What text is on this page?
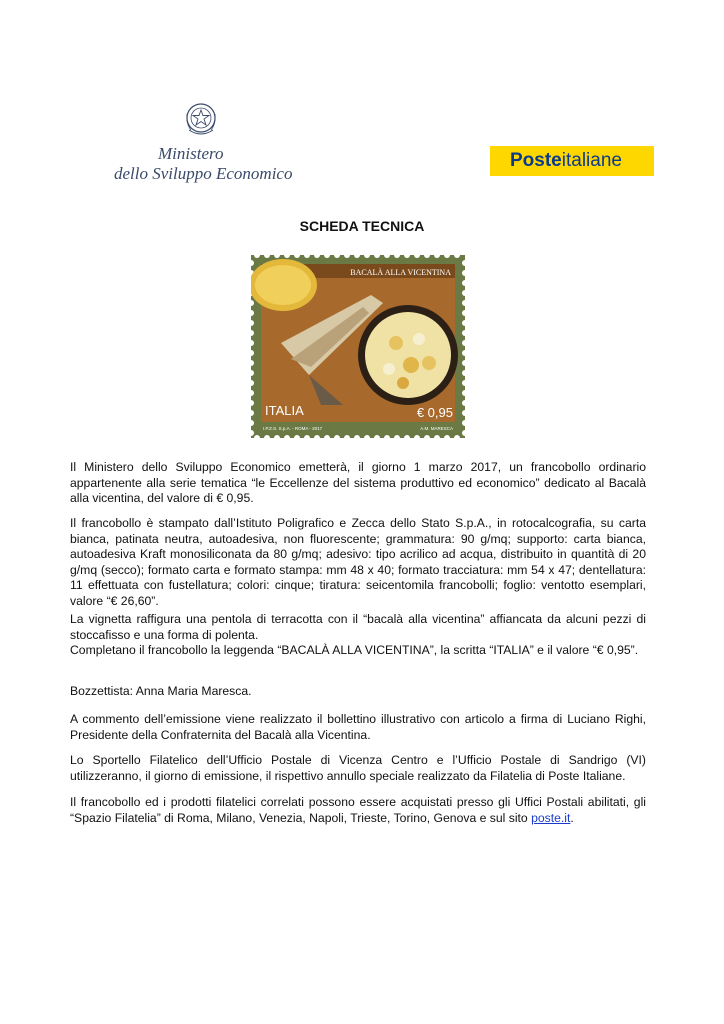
Ministero
dello Sviluppo Economico
Posteitaliane
SCHEDA TECNICA
BACALÀ ALLA VICENTINA
ITALIA	€ 0,95
I.P.Z.S. S.p.A. - ROMA - 2017	A.M. MARESCA

Il Ministero dello Sviluppo Economico emetterà, il giorno 1 marzo 2017, un francobollo ordinario appartenente alla serie tematica “le Eccellenze del sistema produttivo ed economico” dedicato al Bacalà alla vicentina, del valore di € 0,95.

Il francobollo è stampato dall’Istituto Poligrafico e Zecca dello Stato S.p.A., in rotocalcografia, su carta bianca, patinata neutra, autoadesiva, non fluorescente; grammatura: 90 g/mq; supporto: carta bianca, autoadesiva Kraft monosiliconata da 80 g/mq; adesivo: tipo acrilico ad acqua, distribuito in quantità di 20 g/mq (secco); formato carta e formato stampa: mm 48 x 40; formato tracciatura: mm 54 x 47; dentellatura: 11 effettuata con fustellatura; colori: cinque; tiratura: seicentomila francobolli; foglio: ventotto esemplari, valore “€ 26,60”.

La vignetta raffigura una pentola di terracotta con il “bacalà alla vicentina” affiancata da alcuni pezzi di stoccafisso e una forma di polenta.

Completano il francobollo la leggenda “BACALÀ ALLA VICENTINA”, la scritta “ITALIA” e il valore “€ 0,95”.

Bozzettista: Anna Maria Maresca.

A commento dell’emissione viene realizzato il bollettino illustrativo con articolo a firma di Luciano Righi, Presidente della Confraternita del Bacalà alla Vicentina.

Lo Sportello Filatelico dell’Ufficio Postale di Vicenza Centro e l’Ufficio Postale di Sandrigo (VI) utilizzeranno, il giorno di emissione, il rispettivo annullo speciale realizzato da Filatelia di Poste Italiane.

Il francobollo ed i prodotti filatelici correlati possono essere acquistati presso gli Uffici Postali abilitati, gli “Spazio Filatelia” di Roma, Milano, Venezia, Napoli, Trieste, Torino, Genova e sul sito poste.it.
